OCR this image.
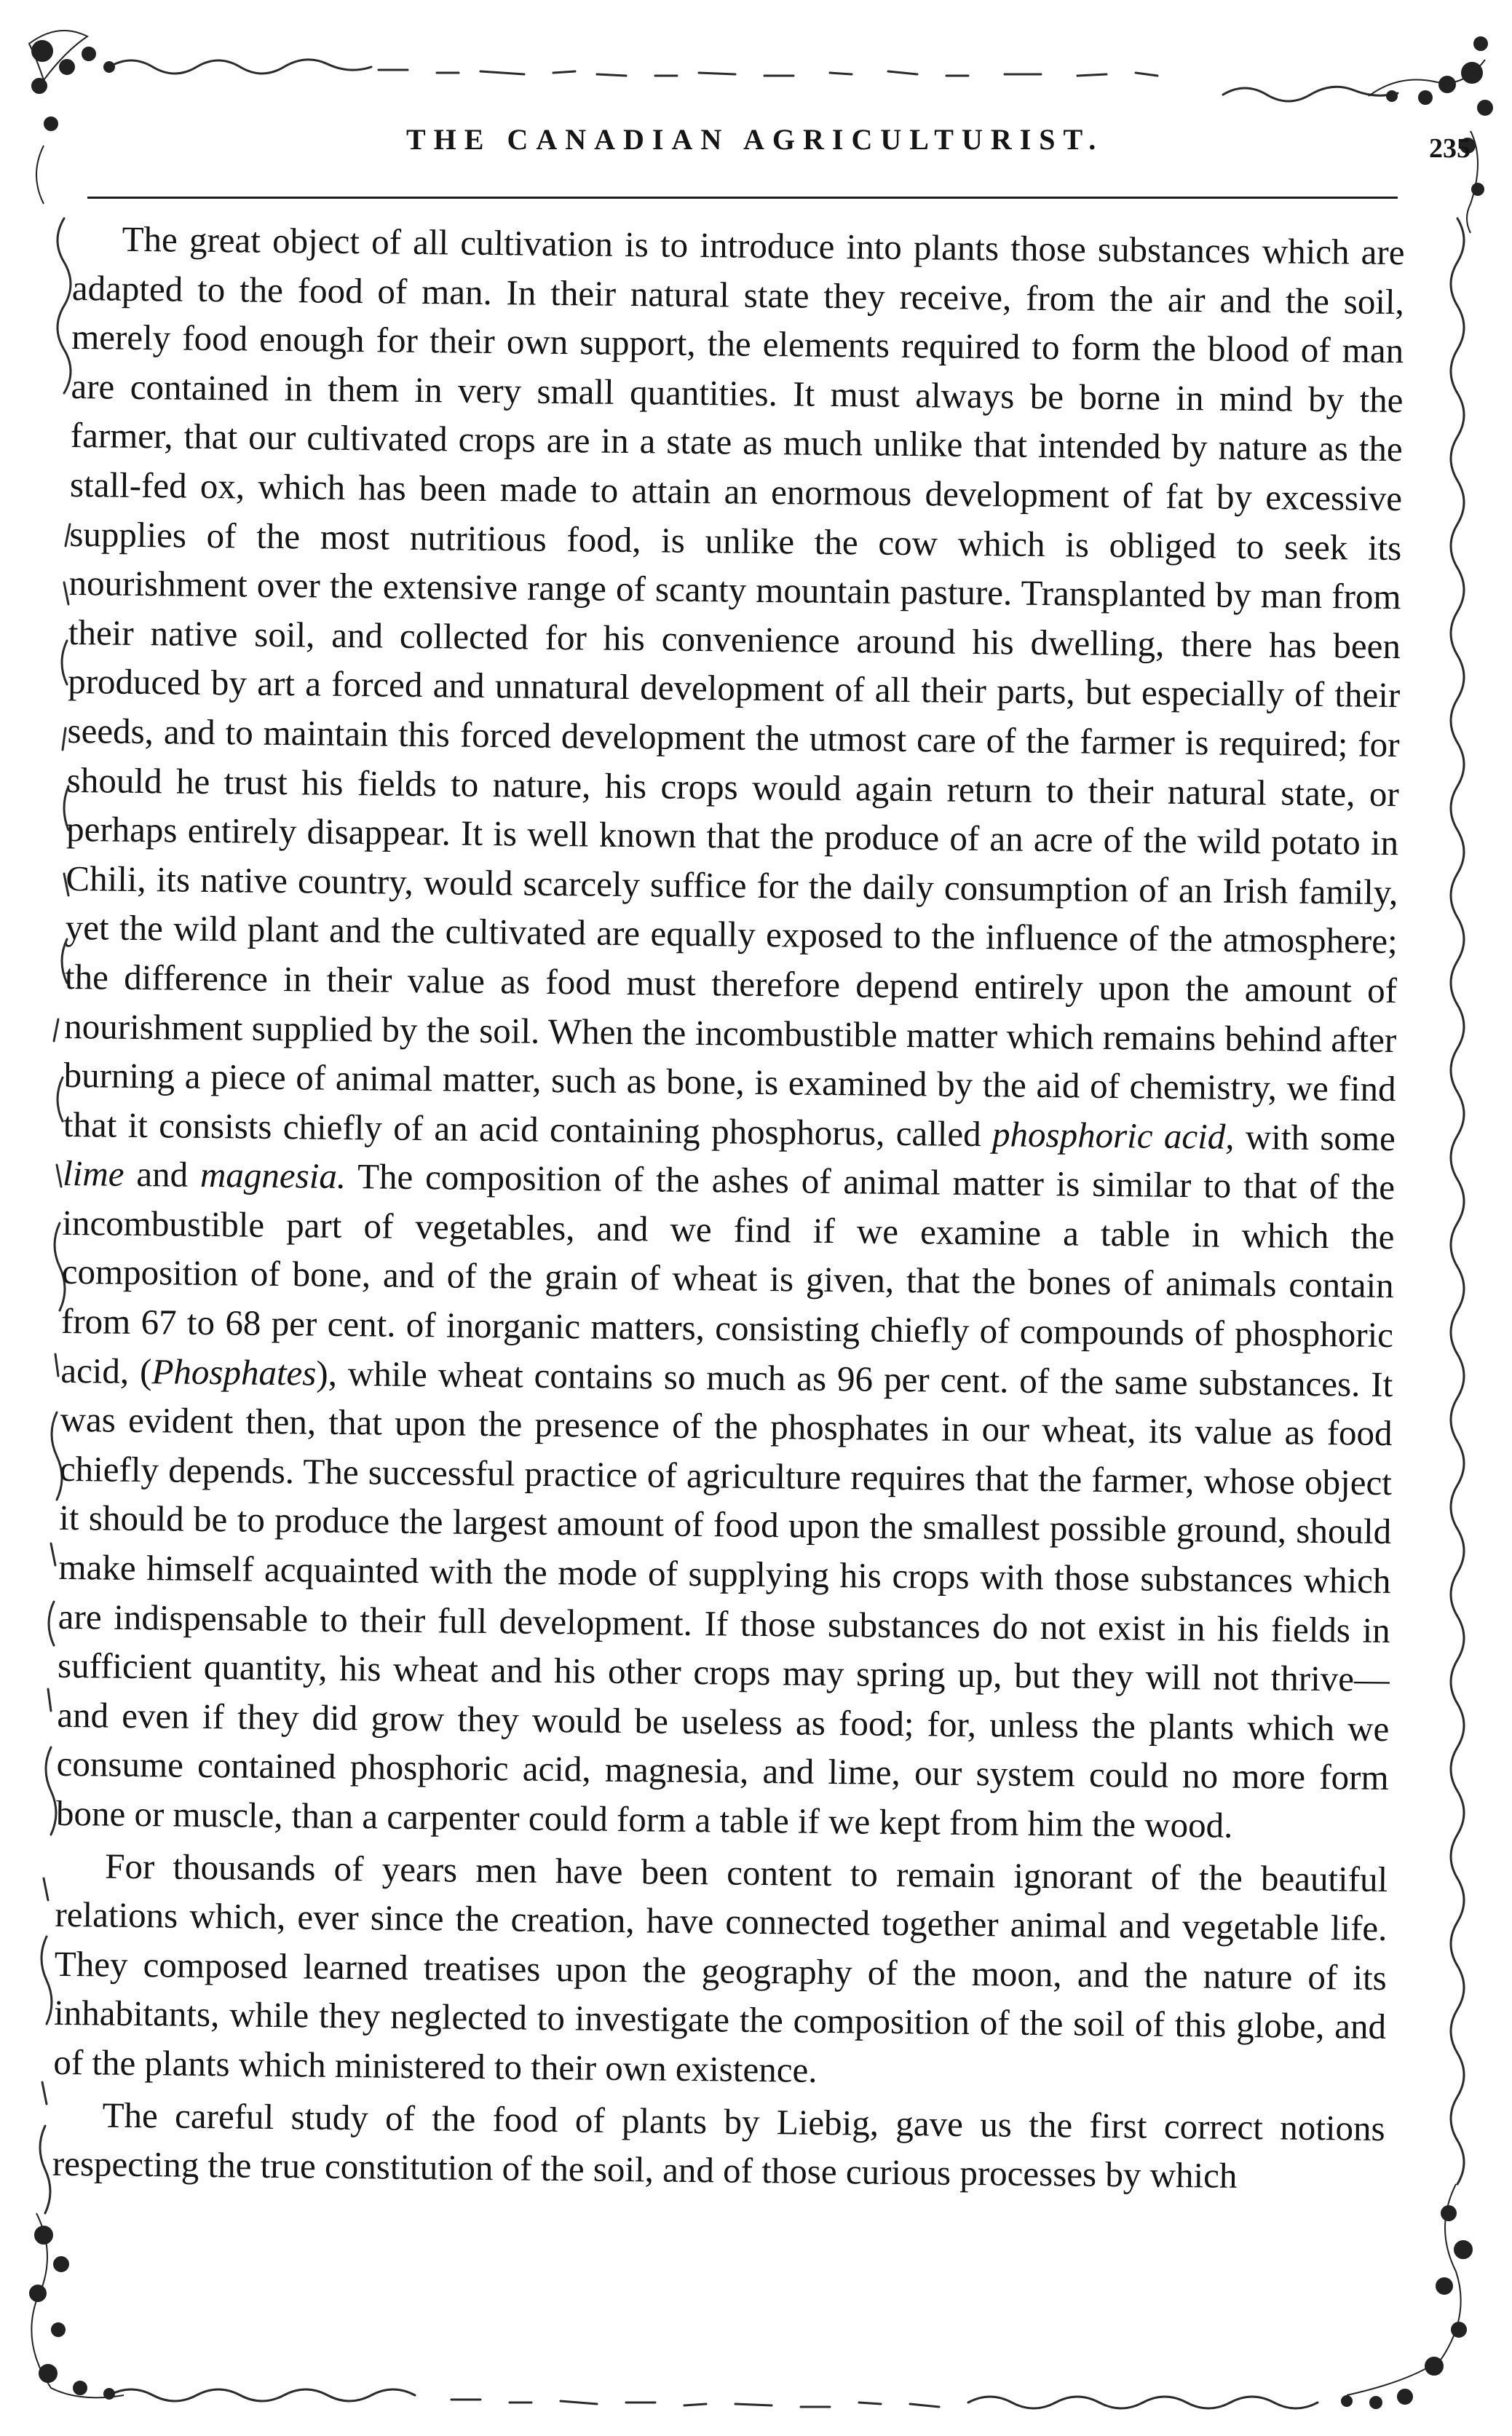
THE CANADIAN AGRICULTURIST.	235

The great object of all cultivation is to introduce into plants those substances which are adapted to the food of man. In their natural state they receive, from the air and the soil, merely food enough for their own support, the elements required to form the blood of man are contained in them in very small quantities. It must always be borne in mind by the farmer, that our cultivated crops are in a state as much unlike that intended by nature as the stall-fed ox, which has been made to attain an enormous development of fat by excessive supplies of the most nutritious food, is unlike the cow which is obliged to seek its nourishment over the extensive range of scanty mountain pasture. Transplanted by man from their native soil, and collected for his convenience around his dwelling, there has been produced by art a forced and unnatural development of all their parts, but especially of their seeds, and to maintain this forced development the utmost care of the farmer is required; for should he trust his fields to nature, his crops would again return to their natural state, or perhaps entirely disappear. It is well known that the produce of an acre of the wild potato in Chili, its native country, would scarcely suffice for the daily consumption of an Irish family, yet the wild plant and the cultivated are equally exposed to the influence of the atmosphere; the difference in their value as food must therefore depend entirely upon the amount of nourishment supplied by the soil. When the incombustible matter which remains behind after burning a piece of animal matter, such as bone, is examined by the aid of chemistry, we find that it consists chiefly of an acid containing phosphorus, called phosphoric acid, with some lime and magnesia. The composition of the ashes of animal matter is similar to that of the incombustible part of vegetables, and we find if we examine a table in which the composition of bone, and of the grain of wheat is given, that the bones of animals contain from 67 to 68 per cent. of inorganic matters, consisting chiefly of compounds of phosphoric acid, (Phosphates), while wheat contains so much as 96 per cent. of the same substances. It was evident then, that upon the presence of the phosphates in our wheat, its value as food chiefly depends. The successful practice of agriculture requires that the farmer, whose object it should be to produce the largest amount of food upon the smallest possible ground, should make himself acquainted with the mode of supplying his crops with those substances which are indispensable to their full development. If those substances do not exist in his fields in sufficient quantity, his wheat and his other crops may spring up, but they will not thrive—and even if they did grow they would be useless as food; for, unless the plants which we consume contained phosphoric acid, magnesia, and lime, our system could no more form bone or muscle, than a carpenter could form a table if we kept from him the wood.

For thousands of years men have been content to remain ignorant of the beautiful relations which, ever since the creation, have connected together animal and vegetable life. They composed learned treatises upon the geography of the moon, and the nature of its inhabitants, while they neglected to investigate the composition of the soil of this globe, and of the plants which ministered to their own existence.

The careful study of the food of plants by Liebig, gave us the first correct notions respecting the true constitution of the soil, and of those curious processes by which
